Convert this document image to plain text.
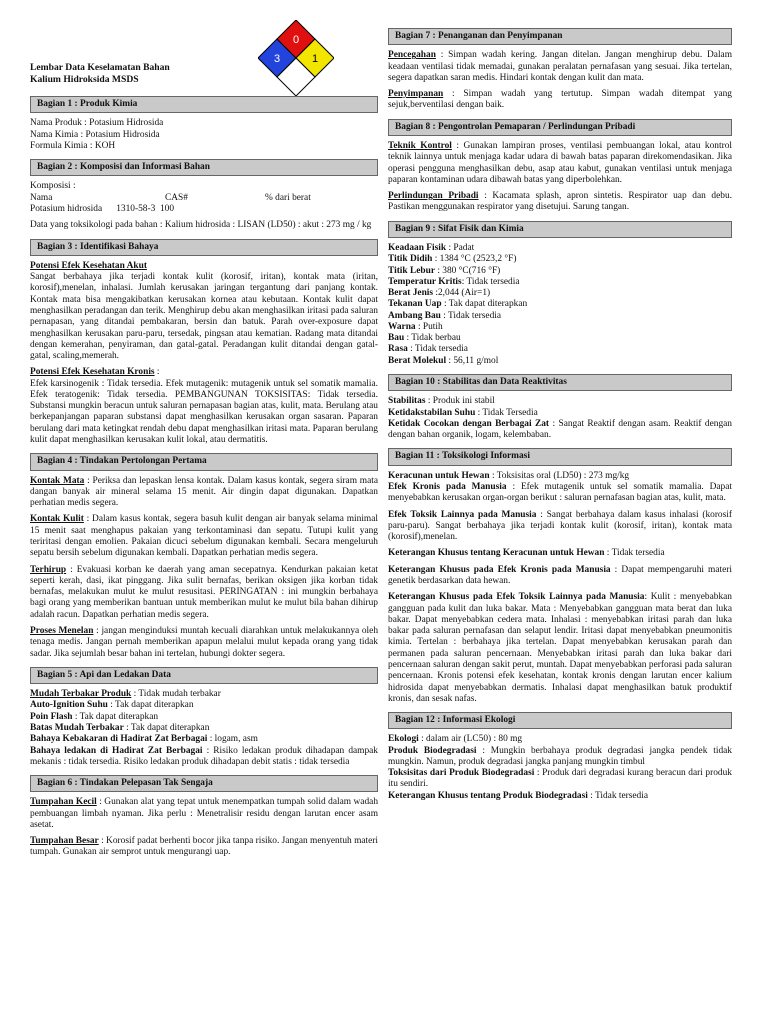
3
0
1
Lembar Data Keselamatan Bahan
Kalium Hidroksida MSDS
Bagian 1 : Produk Kimia

Nama Produk : Potasium Hidrosida

Nama Kimia : Potasium Hidrosida

Formula Kimia : KOH

Bagian 2 : Komposisi dan Informasi Bahan

Komposisi :

Nama	CAS#	% dari berat

Potasium hidrosida      1310-58-3  100

Data yang toksikologi pada bahan : Kalium hidrosida : LISAN (LD50) : akut : 273 mg / kg

Bagian 3 : Identifikasi Bahaya

Potensi Efek Kesehatan Akut

Sangat berbahaya jika terjadi kontak kulit (korosif, iritan), kontak mata (iritan, korosif),menelan, inhalasi. Jumlah kerusakan jaringan tergantung dari panjang kontak. Kontak mata bisa mengakibatkan kerusakan kornea atau kebutaan. Kontak kulit dapat menghasilkan peradangan dan terik. Menghirup debu akan menghasilkan iritasi pada saluran pernapasan, yang ditandai pembakaran, bersin dan batuk. Parah over-exposure dapat menghasilkan kerusakan paru-paru, tersedak, pingsan atau kematian. Radang mata ditandai dengan kemerahan, penyiraman, dan gatal-gatal. Peradangan kulit ditandai dengan gatal-gatal, scaling,memerah.

Potensi Efek Kesehatan Kronis :

Efek karsinogenik : Tidak tersedia. Efek mutagenik: mutagenik untuk sel somatik mamalia. Efek teratogenik: Tidak tersedia. PEMBANGUNAN TOKSISITAS: Tidak tersedia. Substansi mungkin beracun untuk saluran pernapasan bagian atas, kulit, mata. Berulang atau berkepanjangan paparan substansi dapat menghasilkan kerusakan organ sasaran. Paparan berulang dari mata ketingkat rendah debu dapat menghasilkan iritasi mata. Paparan berulang kulit dapat menghasilkan kerusakan kulit lokal, atau dermatitis.

Bagian 4 : Tindakan Pertolongan Pertama

Kontak Mata : Periksa dan lepaskan lensa kontak. Dalam kasus kontak, segera siram mata dangan banyak air mineral selama 15 menit. Air dingin dapat digunakan. Dapatkan perhatian medis segera.

Kontak Kulit : Dalam kasus kontak, segera basuh kulit dengan air banyak selama minimal 15 menit saat menghapus pakaian yang terkontaminasi dan sepatu. Tutupi kulit yang teriritasi dengan emolien. Pakaian dicuci sebelum digunakan kembali. Secara mengeluruh sepatu bersih sebelum digunakan kembali. Dapatkan perhatian medis segera.

Terhirup : Evakuasi korban ke daerah yang aman secepatnya. Kendurkan pakaian ketat seperti kerah, dasi, ikat pinggang. Jika sulit bernafas, berikan oksigen jika korban tidak bernafas, melakukan mulut ke mulut resusitasi. PERINGATAN : ini mungkin berbahaya bagi orang yang memberikan bantuan untuk memberikan mulut ke mulut bila bahan dihirup adalah racun. Dapatkan perhatian medis segera.

Proses Menelan : jangan menginduksi muntah kecuali diarahkan untuk melakukannya oleh tenaga medis. Jangan pernah memberikan apapun melalui mulut kepada orang yang tidak sadar. Jika sejumlah besar bahan ini tertelan, hubungi dokter segera.

Bagian 5 : Api dan Ledakan Data

Mudah Terbakar Produk : Tidak mudah terbakar

Auto-Ignition Suhu : Tak dapat diterapkan

Poin Flash : Tak dapat diterapkan

Batas Mudah Terbakar : Tak dapat diterapkan

Bahaya Kebakaran di Hadirat Zat Berbagai : logam, asm

Bahaya ledakan di Hadirat Zat Berbagai : Risiko ledakan produk dihadapan dampak mekanis : tidak tersedia. Risiko ledakan produk dihadapan debit statis : tidak tersedia

Bagian 6 : Tindakan Pelepasan Tak Sengaja

Tumpahan Kecil : Gunakan alat yang tepat untuk menempatkan tumpah solid dalam wadah pembuangan limbah nyaman. Jika perlu : Menetralisir residu dengan larutan encer asam asetat.

Tumpahan Besar : Korosif padat berhenti bocor jika tanpa risiko. Jangan menyentuh materi tumpah. Gunakan air semprot untuk mengurangi uap.

Bagian 7 : Penanganan dan Penyimpanan

Pencegahan : Simpan wadah kering. Jangan ditelan. Jangan menghirup debu. Dalam keadaan ventilasi tidak memadai, gunakan peralatan pernafasan yang sesuai. Jika tertelan, segera dapatkan saran medis. Hindari kontak dengan kulit dan mata.

Penyimpanan : Simpan wadah yang tertutup. Simpan wadah ditempat yang sejuk,berventilasi dengan baik.

Bagian 8 : Pengontrolan Pemaparan / Perlindungan Pribadi

Teknik Kontrol : Gunakan lampiran proses, ventilasi pembuangan lokal, atau kontrol teknik lainnya untuk menjaga kadar udara di bawah batas paparan direkomendasikan. Jika operasi pengguna menghasilkan debu, asap atau kabut, gunakan ventilasi untuk menjaga paparan kontaminan udara dibawah batas yang diperbolehkan.

Perlindungan Pribadi : Kacamata splash, apron sintetis. Respirator uap dan debu. Pastikan menggunakan respirator yang disetujui. Sarung tangan.

Bagian 9 : Sifat Fisik dan Kimia

Keadaan Fisik : Padat

Titik Didih : 1384 °C (2523,2 °F)

Titik Lebur : 380 °C(716 °F)

Temperatur Kritis: Tidak tersedia

Berat Jenis :2,044 (Air=1)

Tekanan Uap : Tak dapat diterapkan

Ambang Bau : Tidak tersedia

Warna : Putih

Bau : Tidak berbau

Rasa : Tidak tersedia

Berat Molekul : 56,11 g/mol

Bagian 10 : Stabilitas dan Data Reaktivitas

Stabilitas : Produk ini stabil

Ketidakstabilan Suhu : Tidak Tersedia

Ketidak Cocokan dengan Berbagai Zat : Sangat Reaktif dengan asam. Reaktif dengan dengan bahan organik, logam, kelembaban.

Bagian 11 : Toksikologi Informasi

Keracunan untuk Hewan : Toksisitas oral (LD50) : 273 mg/kg

Efek Kronis pada Manusia : Efek mutagenik untuk sel somatik mamalia. Dapat menyebabkan kerusakan organ-organ berikut : saluran pernafasan bagian atas, kulit, mata.

Efek Toksik Lainnya pada Manusia : Sangat berbahaya dalam kasus inhalasi (korosif paru-paru). Sangat berbahaya jika terjadi kontak kulit (korosif, iritan), kontak mata (korosif),menelan.

Keterangan Khusus tentang Keracunan untuk Hewan : Tidak tersedia

Keterangan Khusus pada Efek Kronis pada Manusia : Dapat mempengaruhi materi genetik berdasarkan data hewan.

Keterangan Khusus pada Efek Toksik Lainnya pada Manusia: Kulit : menyebabkan gangguan pada kulit dan luka bakar. Mata : Menyebabkan gangguan mata berat dan luka bakar. Dapat menyebabkan cedera mata. Inhalasi : menyebabkan iritasi parah dan luka bakar pada saluran pernafasan dan selaput lendir. Iritasi dapat menyebabkan pneumonitis kimia. Tertelan : berbahaya jika tertelan. Dapat menyebabkan kerusakan parah dan permanen pada saluran pencernaan. Menyebabkan iritasi parah dan luka bakar dari pencernaan saluran dengan sakit perut, muntah. Dapat menyebabkan perforasi pada saluran pencernaan. Kronis potensi efek kesehatan, kontak kronis dengan larutan encer kalium hidrosida dapat menyebabkan dermatis. Inhalasi dapat menghasilkan batuk produktif kronis, dan sesak nafas.

Bagian 12 : Informasi Ekologi

Ekologi : dalam air (LC50) : 80 mg

Produk Biodegradasi : Mungkin berbahaya produk degradasi jangka pendek tidak mungkin. Namun, produk degradasi jangka panjang mungkin timbul

Toksisitas dari Produk Biodegradasi : Produk dari degradasi kurang beracun dari produk itu sendiri.

Keterangan Khusus tentang Produk Biodegradasi : Tidak tersedia
